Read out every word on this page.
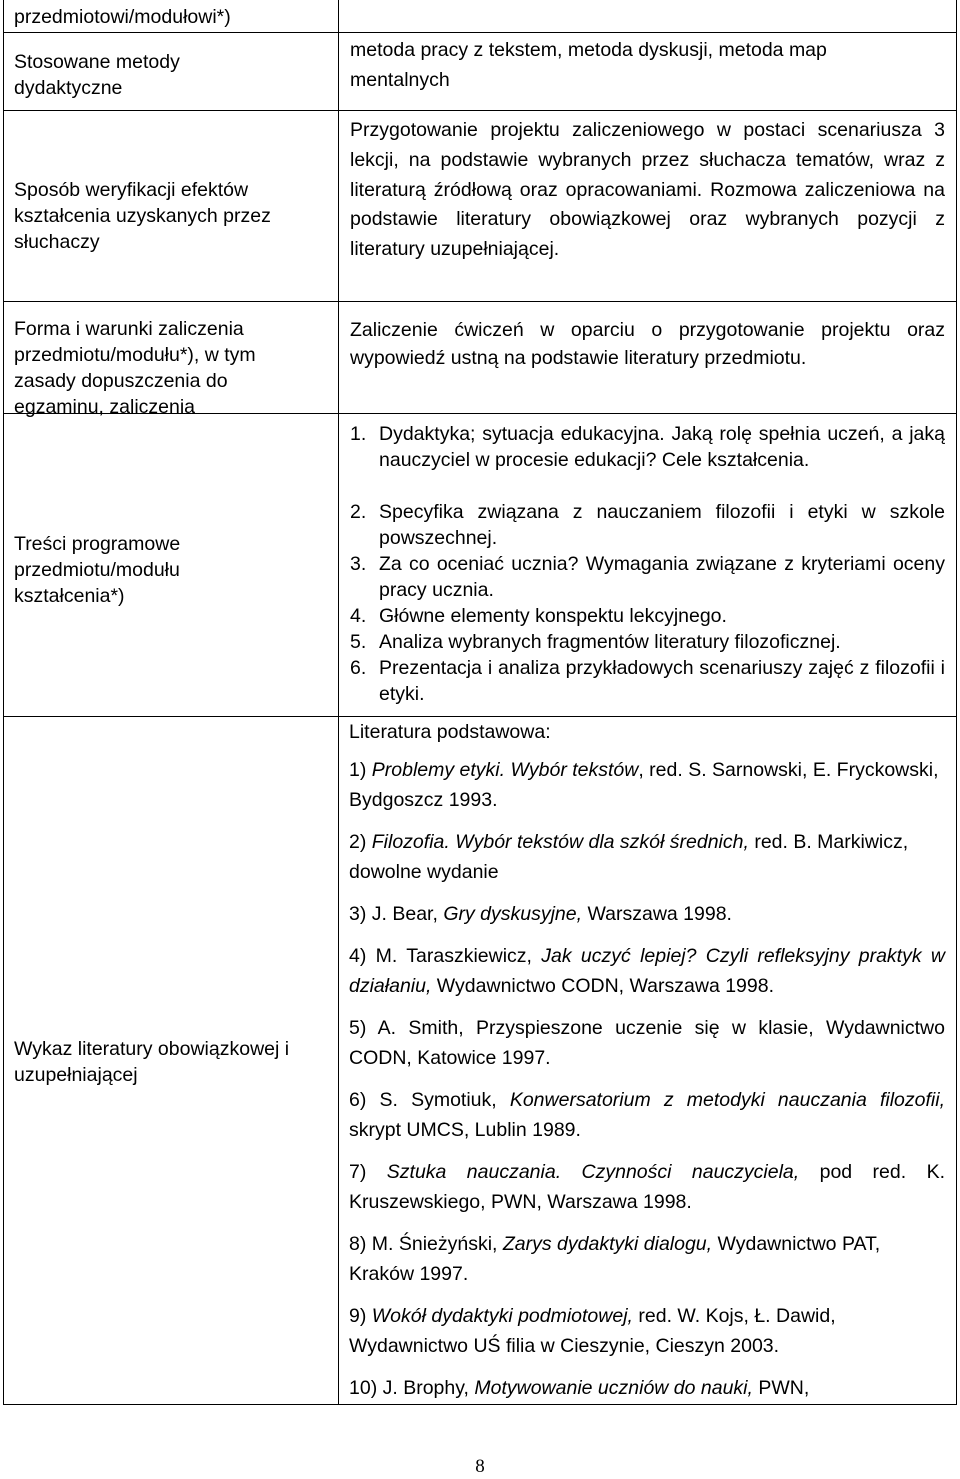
przedmiotowi/modułowi*)
Stosowane metody dydaktyczne
metoda pracy z tekstem, metoda dyskusji, metoda map mentalnych
Sposób weryfikacji efektów kształcenia uzyskanych przez słuchaczy
Przygotowanie projektu zaliczeniowego w postaci scenariusza 3 lekcji, na podstawie wybranych przez słuchacza tematów, wraz z literaturą źródłową oraz opracowaniami. Rozmowa zaliczeniowa na podstawie literatury obowiązkowej oraz wybranych pozycji z literatury uzupełniającej.
Forma i warunki zaliczenia przedmiotu/modułu*), w tym zasady dopuszczenia do egzaminu, zaliczenia
Zaliczenie ćwiczeń w oparciu o przygotowanie projektu oraz wypowiedź ustną na podstawie literatury przedmiotu.
Treści programowe przedmiotu/modułu kształcenia*)
1. Dydaktyka; sytuacja edukacyjna. Jaką rolę spełnia uczeń, a jaką nauczyciel w procesie edukacji? Cele kształcenia.
2. Specyfika związana z nauczaniem filozofii i etyki w szkole powszechnej.
3. Za co oceniać ucznia? Wymagania związane z kryteriami oceny pracy ucznia.
4. Główne elementy konspektu lekcyjnego.
5. Analiza wybranych fragmentów literatury filozoficznej.
6. Prezentacja i analiza przykładowych scenariuszy zajęć z filozofii i etyki.
Wykaz literatury obowiązkowej i uzupełniającej
Literatura podstawowa:
1) Problemy etyki. Wybór tekstów, red. S. Sarnowski, E. Fryckowski, Bydgoszcz 1993.
2) Filozofia. Wybór tekstów dla szkół średnich, red. B. Markiwicz, dowolne wydanie
3) J. Bear, Gry dyskusyjne, Warszawa 1998.
4) M. Taraszkiewicz, Jak uczyć lepiej? Czyli refleksyjny praktyk w działaniu, Wydawnictwo CODN, Warszawa 1998.
5) A. Smith, Przyspieszone uczenie się w klasie, Wydawnictwo CODN, Katowice 1997.
6) S. Symotiuk, Konwersatorium z metodyki nauczania filozofii, skrypt UMCS, Lublin 1989.
7) Sztuka nauczania. Czynności nauczyciela, pod red. K. Kruszewskiego, PWN, Warszawa 1998.
8) M. Śnieżyński, Zarys dydaktyki dialogu, Wydawnictwo PAT, Kraków 1997.
9) Wokół dydaktyki podmiotowej, red. W. Kojs, Ł. Dawid, Wydawnictwo UŚ filia w Cieszynie, Cieszyn 2003.
10) J. Brophy, Motywowanie uczniów do nauki, PWN,
8
